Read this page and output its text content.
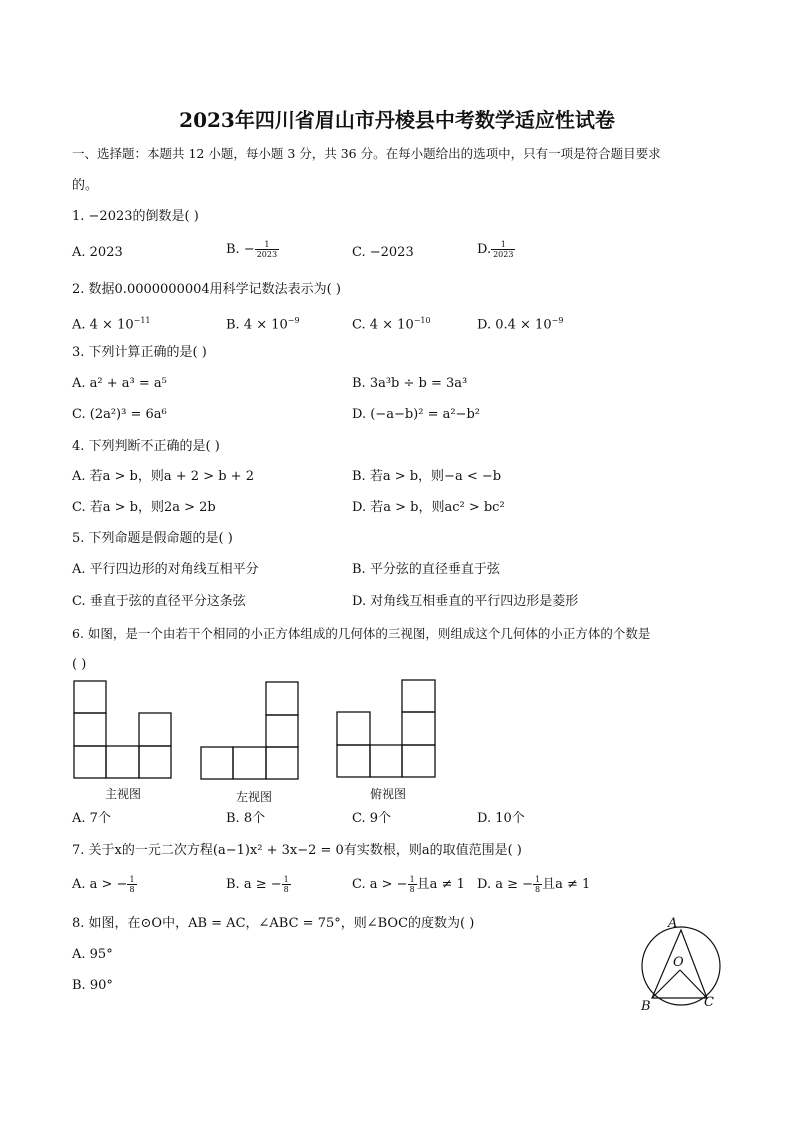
2023年四川省眉山市丹棱县中考数学适应性试卷
一、选择题：本题共 12 小题，每小题 3 分，共 36 分。在每小题给出的选项中，只有一项是符合题目要求
的。
1. −2023的倒数是( )
A. 2023	B. − $\frac{1}{2023}$	C. −2023	D. $\frac{1}{2023}$
2. 数据0.0000000004用科学记数法表示为( )
A. $4 \times 10^{-11}$	B. $4 \times 10^{-9}$	C. $4 \times 10^{-10}$	D. $0.4 \times 10^{-9}$
3. 下列计算正确的是( )
A. a² + a³ = a⁵	B. 3a³b ÷ b = 3a³
C. (2a²)³ = 6a⁶	D. (−a−b)² = a²−b²
4. 下列判断不正确的是( )
A. 若a > b，则a + 2 > b + 2	B. 若a > b，则−a < −b
C. 若a > b，则2a > 2b	D. 若a > b，则ac² > bc²
5. 下列命题是假命题的是( )
A. 平行四边形的对角线互相平分	B. 平分弦的直径垂直于弦
C. 垂直于弦的直径平分这条弦	D. 对角线互相垂直的平行四边形是菱形
6. 如图，是一个由若干个相同的小正方体组成的几何体的三视图，则组成这个几何体的小正方体的个数是
( )
主视图	左视图	俯视图
A. 7个	B. 8个	C. 9个	D. 10个
7. 关于x的一元二次方程(a−1)x² + 3x−2 = 0有实数根，则a的取值范围是( )
A. a > − $\frac{1}{8}$	B. a ≥ − $\frac{1}{8}$	C. a > − $\frac{1}{8}$ 且a ≠ 1 D. a ≥ − $\frac{1}{8}$ 且a ≠ 1
8. 如图，在⊙O中，AB = AC，∠ABC = 75°，则∠BOC的度数为( )
A. 95°
B. 90°
A
O
B	C
